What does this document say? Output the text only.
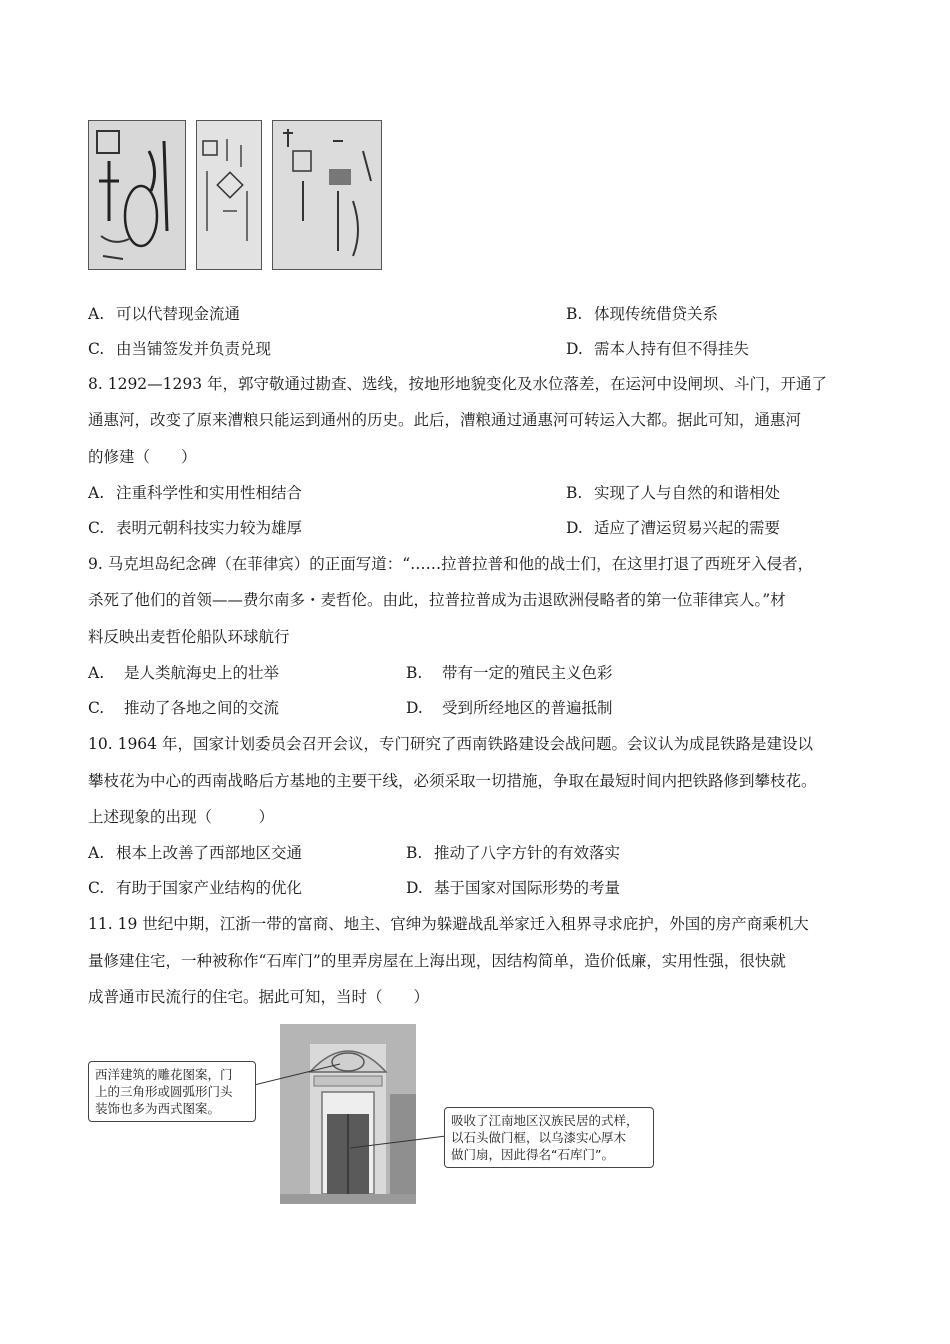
A. 可以代替现金流通	B. 体现传统借贷关系
C. 由当铺签发并负责兑现	D. 需本人持有但不得挂失
8. 1292—1293 年，郭守敬通过勘查、选线，按地形地貌变化及水位落差，在运河中设闸坝、斗门，开通了
通惠河，改变了原来漕粮只能运到通州的历史。此后，漕粮通过通惠河可转运入大都。据此可知，通惠河
的修建（　　）
A. 注重科学性和实用性相结合	B. 实现了人与自然的和谐相处
C. 表明元朝科技实力较为雄厚	D. 适应了漕运贸易兴起的需要
9. 马克坦岛纪念碑（在菲律宾）的正面写道：“……拉普拉普和他的战士们，在这里打退了西班牙入侵者，
杀死了他们的首领——费尔南多・麦哲伦。由此，拉普拉普成为击退欧洲侵略者的第一位菲律宾人。”材
料反映出麦哲伦船队环球航行
A. 是人类航海史上的壮举	B. 带有一定的殖民主义色彩
C. 推动了各地之间的交流	D. 受到所经地区的普遍抵制
10. 1964 年，国家计划委员会召开会议，专门研究了西南铁路建设会战问题。会议认为成昆铁路是建设以
攀枝花为中心的西南战略后方基地的主要干线，必须采取一切措施，争取在最短时间内把铁路修到攀枝花。
上述现象的出现（　　　）
A. 根本上改善了西部地区交通	B. 推动了八字方针的有效落实
C. 有助于国家产业结构的优化	D. 基于国家对国际形势的考量
11. 19 世纪中期，江浙一带的富商、地主、官绅为躲避战乱举家迁入租界寻求庇护，外国的房产商乘机大
量修建住宅，一种被称作“石库门”的里弄房屋在上海出现，因结构简单，造价低廉，实用性强，很快就
成普通市民流行的住宅。据此可知，当时（　　）
西洋建筑的雕花图案，门
上的三角形或圆弧形门头
装饰也多为西式图案。
吸收了江南地区汉族民居的式样，
以石头做门框，以乌漆实心厚木
做门扇，因此得名“石库门”。
